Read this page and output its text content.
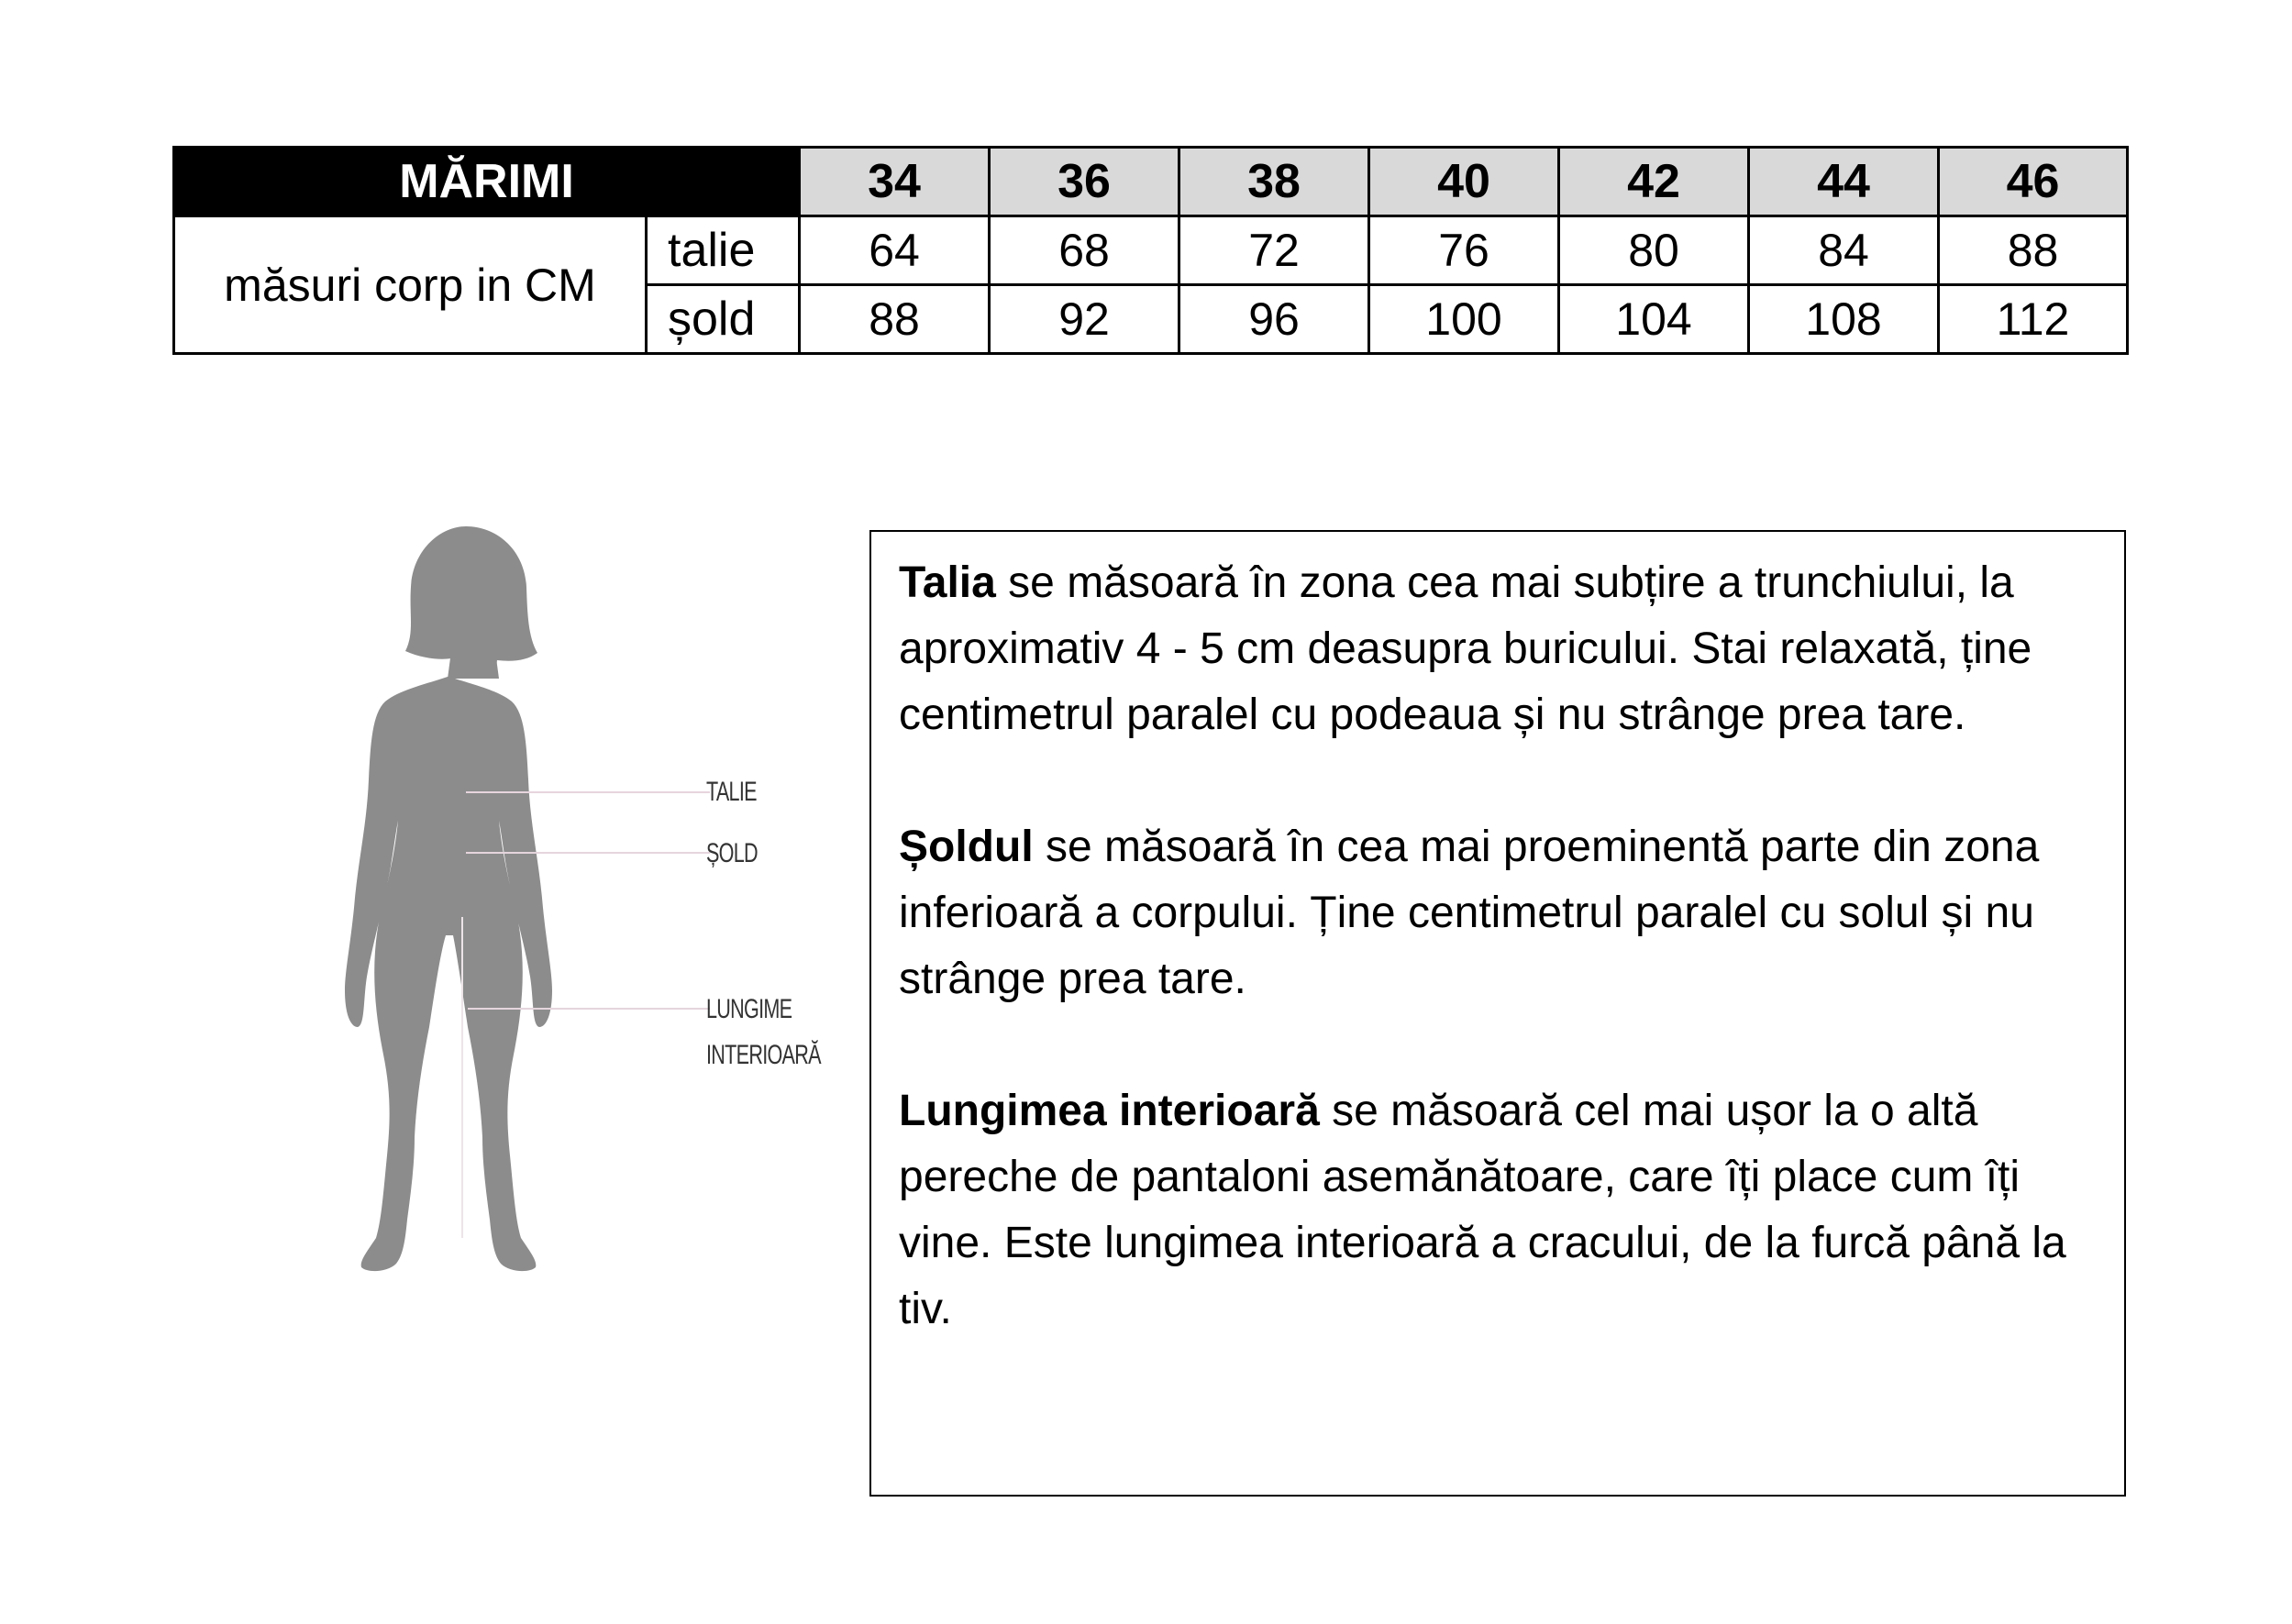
MĂRIMI		34	36	38	40	42	44	46
măsuri corp in CM	talie	64	68	72	76	80	84	88
	șold	88	92	96	100	104	108	112
TALIE
ȘOLD
LUNGIME
INTERIOARĂ

Talia se măsoară în zona cea mai subțire a trunchiului, la aproximativ 4 - 5 cm deasupra buricului. Stai relaxată, ține centimetrul paralel cu podeaua și nu strânge prea tare.

Șoldul se măsoară în cea mai proeminentă parte din zona inferioară a corpului. Ține centimetrul paralel cu solul și nu strânge prea tare.

Lungimea interioară se măsoară cel mai ușor la o altă pereche de pantaloni asemănătoare, care îți place cum îți vine. Este lungimea interioară a cracului, de la furcă până la tiv.
